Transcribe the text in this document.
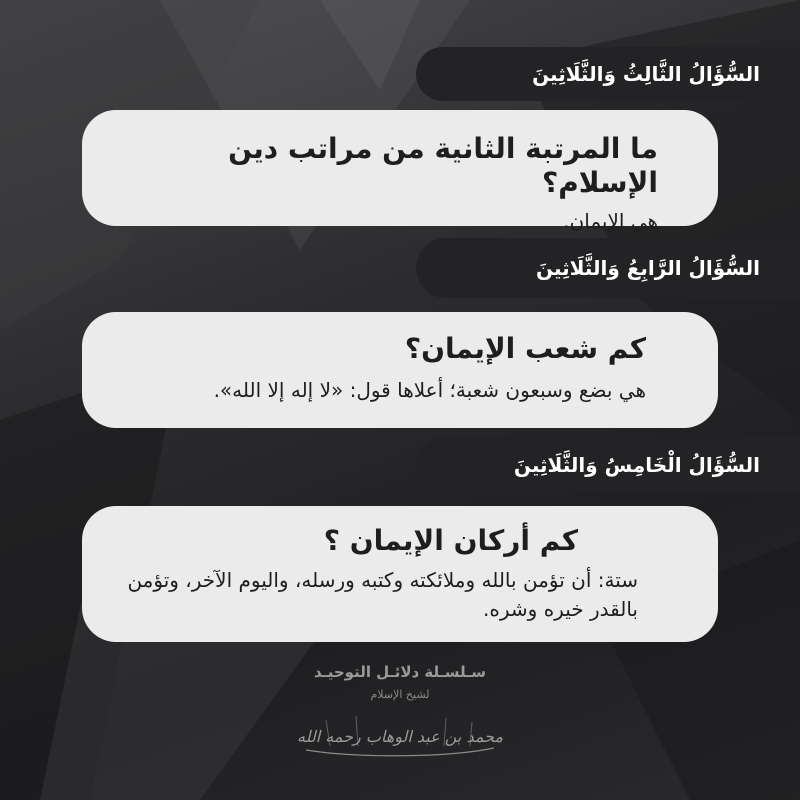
السُّؤَالُ الثَّالِثُ وَالثَّلَاثِينَ
ما المرتبة الثانية من مراتب دين الإسلام؟
هي الإيمان.
السُّؤَالُ الرَّابِعُ وَالثَّلَاثِينَ
كم شعب الإيمان؟
هي بضع وسبعون شعبة؛ أعلاها قول: «لا إله إلا الله».
السُّؤَالُ الْخَامِسُ وَالثَّلَاثِينَ
كم أركان الإيمان ؟
ستة: أن تؤمن بالله وملائكته وكتبه ورسله، واليوم الآخر، وتؤمن بالقدر خيره وشره.
سـلسـلة دلائـل التوحيـد
لشيخ الإسلام
محمد بن عبد الوهاب رحمه الله
